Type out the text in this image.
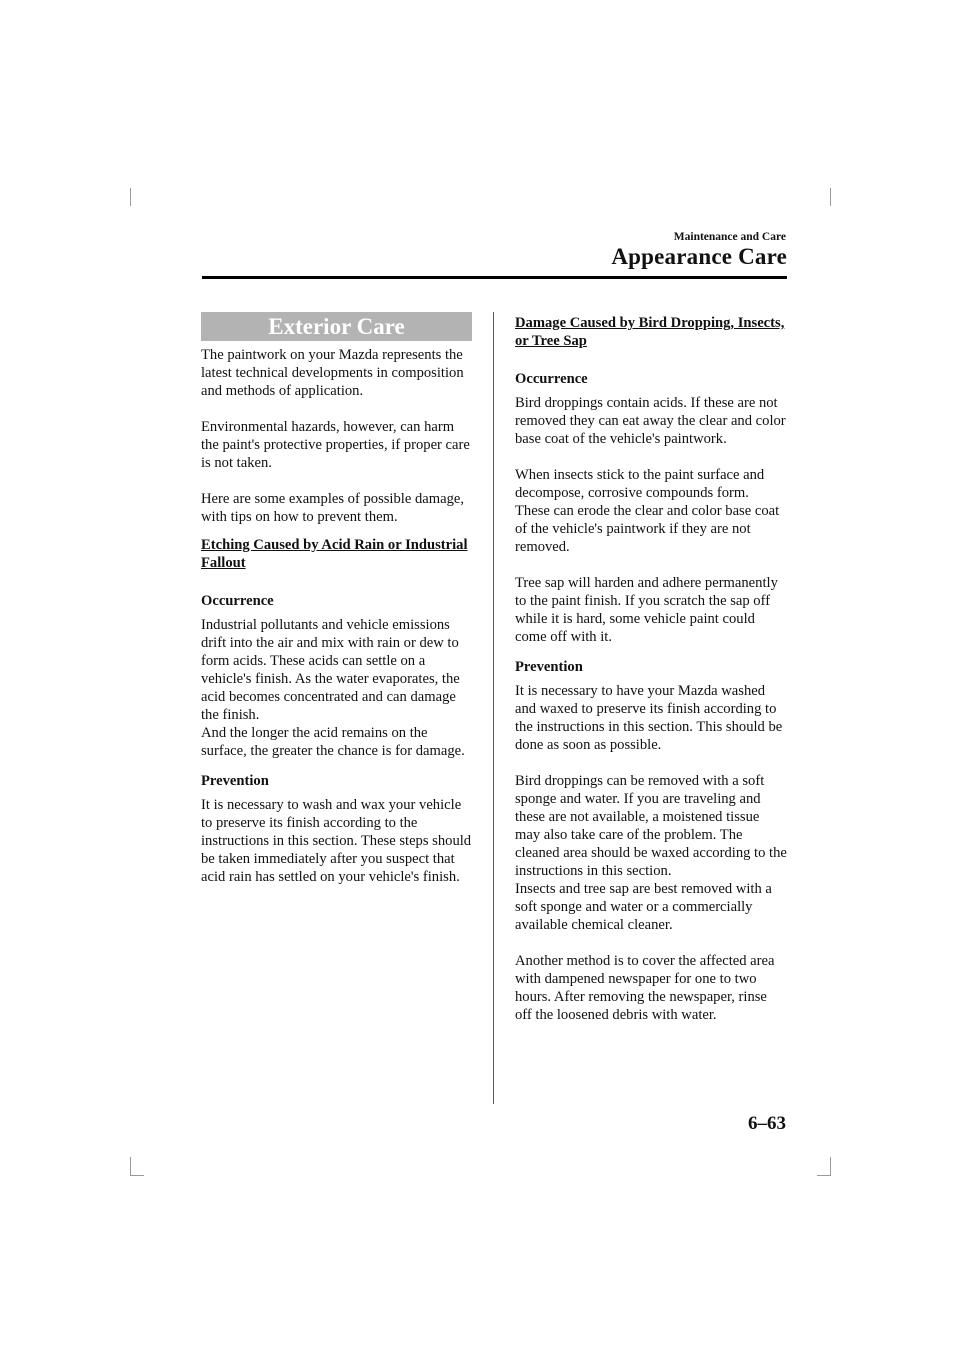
Maintenance and Care
Appearance Care
Exterior Care

The paintwork on your Mazda represents the latest technical developments in composition and methods of application.

Environmental hazards, however, can harm the paint's protective properties, if proper care is not taken.

Here are some examples of possible damage, with tips on how to prevent them.

Etching Caused by Acid Rain or Industrial Fallout
Occurrence

Industrial pollutants and vehicle emissions drift into the air and mix with rain or dew to form acids. These acids can settle on a vehicle's finish. As the water evaporates, the acid becomes concentrated and can damage the finish.

And the longer the acid remains on the surface, the greater the chance is for damage.

Prevention

It is necessary to wash and wax your vehicle to preserve its finish according to the instructions in this section. These steps should be taken immediately after you suspect that acid rain has settled on your vehicle's finish.

Damage Caused by Bird Dropping, Insects, or Tree Sap
Occurrence

Bird droppings contain acids. If these are not removed they can eat away the clear and color base coat of the vehicle's paintwork.

When insects stick to the paint surface and decompose, corrosive compounds form. These can erode the clear and color base coat of the vehicle's paintwork if they are not removed.

Tree sap will harden and adhere permanently to the paint finish. If you scratch the sap off while it is hard, some vehicle paint could come off with it.

Prevention

It is necessary to have your Mazda washed and waxed to preserve its finish according to the instructions in this section. This should be done as soon as possible.

Bird droppings can be removed with a soft sponge and water. If you are traveling and these are not available, a moistened tissue may also take care of the problem. The cleaned area should be waxed according to the instructions in this section.

Insects and tree sap are best removed with a soft sponge and water or a commercially available chemical cleaner.

Another method is to cover the affected area with dampened newspaper for one to two hours. After removing the newspaper, rinse off the loosened debris with water.

6–63
